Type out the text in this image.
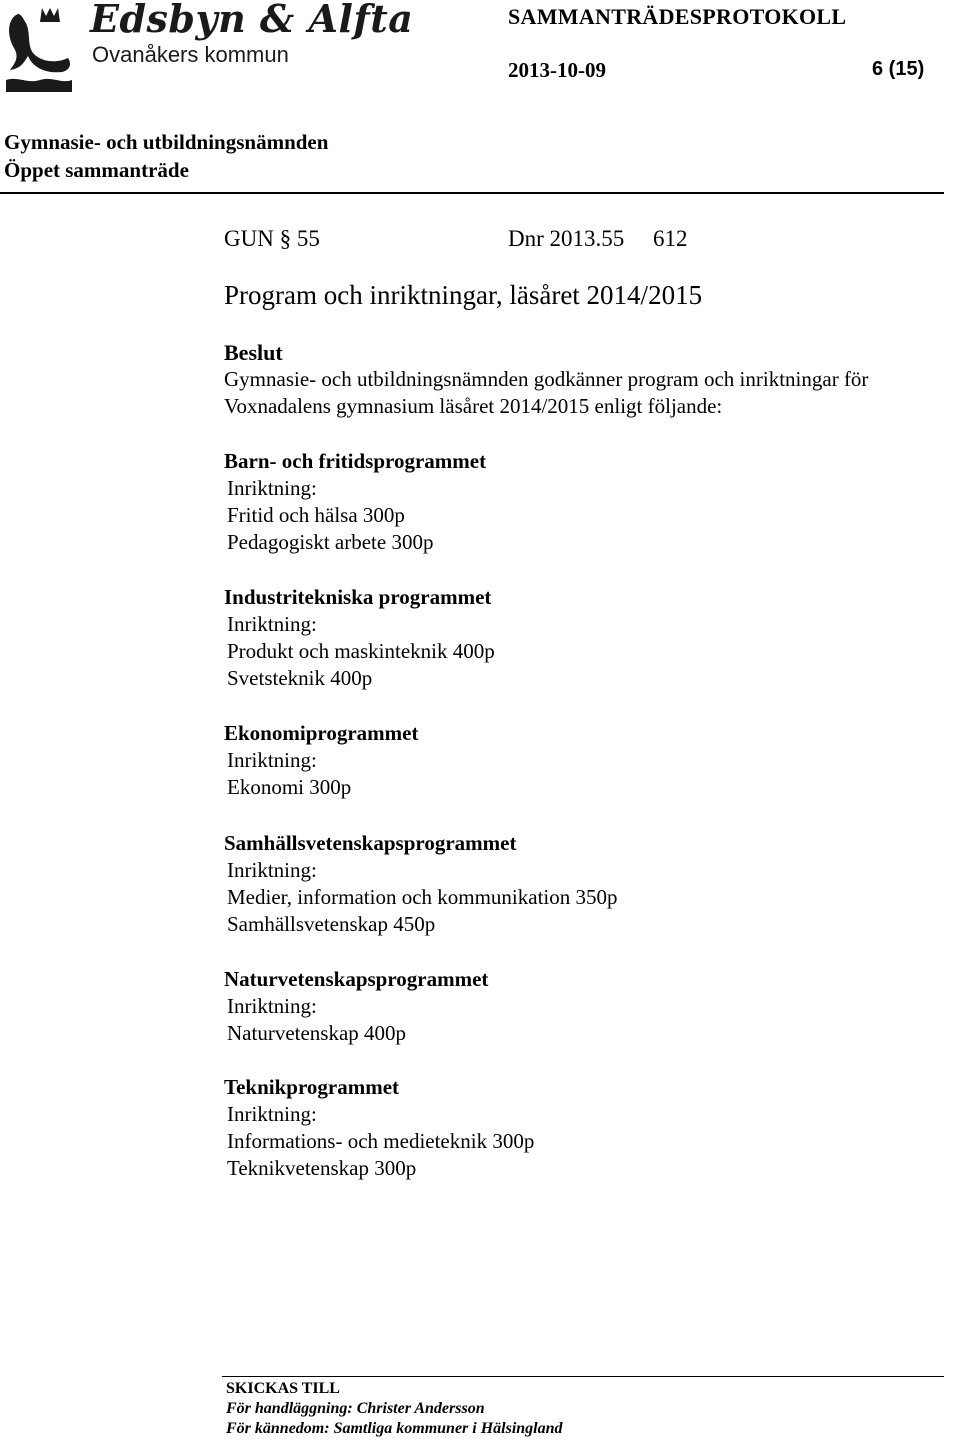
Edsbyn & Alfta
Ovanåkers kommun
SAMMANTRÄDESPROTOKOLL
2013-10-09	6 (15)
Gymnasie- och utbildningsnämnden
Öppet sammanträde
GUN § 55	Dnr 2013.55     612
Program och inriktningar, läsåret 2014/2015
Beslut
Gymnasie- och utbildningsnämnden godkänner program och inriktningar för
Voxnadalens gymnasium läsåret 2014/2015 enligt följande:
Barn- och fritidsprogrammet
Inriktning:
Fritid och hälsa 300p
Pedagogiskt arbete 300p
Industritekniska programmet
Inriktning:
Produkt och maskinteknik 400p
Svetsteknik 400p
Ekonomiprogrammet
Inriktning:
Ekonomi 300p
Samhällsvetenskapsprogrammet
Inriktning:
Medier, information och kommunikation 350p
Samhällsvetenskap 450p
Naturvetenskapsprogrammet
Inriktning:
Naturvetenskap 400p
Teknikprogrammet
Inriktning:
Informations- och medieteknik 300p
Teknikvetenskap 300p
SKICKAS TILL
För handläggning: Christer Andersson
För kännedom: Samtliga kommuner i Hälsingland
